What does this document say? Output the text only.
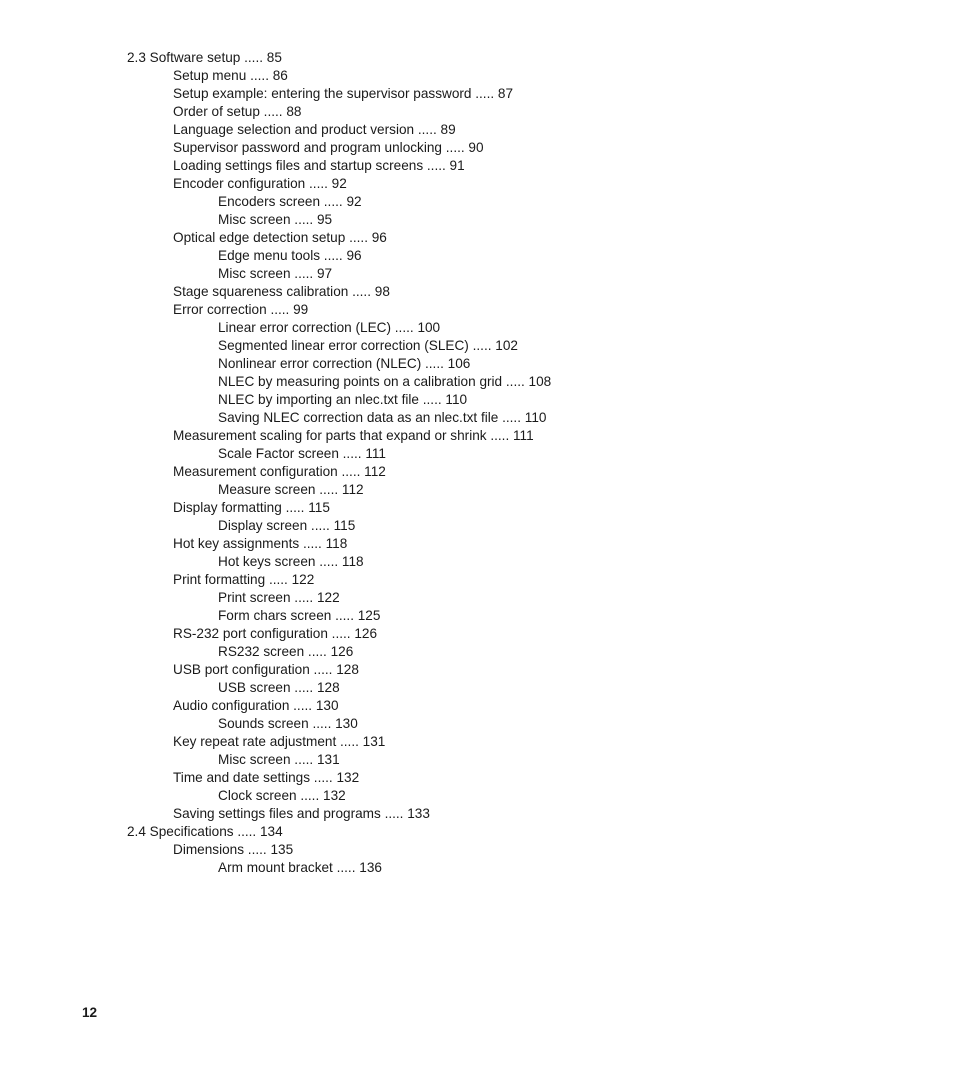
2.3 Software setup ..... 85
Setup menu ..... 86
Setup example: entering the supervisor password ..... 87
Order of setup ..... 88
Language selection and product version ..... 89
Supervisor password and program unlocking ..... 90
Loading settings files and startup screens ..... 91
Encoder configuration ..... 92
Encoders screen ..... 92
Misc screen ..... 95
Optical edge detection setup ..... 96
Edge menu tools ..... 96
Misc screen ..... 97
Stage squareness calibration ..... 98
Error correction ..... 99
Linear error correction (LEC) ..... 100
Segmented linear error correction (SLEC) ..... 102
Nonlinear error correction (NLEC) ..... 106
NLEC by measuring points on a calibration grid ..... 108
NLEC by importing an nlec.txt file ..... 110
Saving NLEC correction data as an nlec.txt file ..... 110
Measurement scaling for parts that expand or shrink ..... 111
Scale Factor screen ..... 111
Measurement configuration ..... 112
Measure screen ..... 112
Display formatting ..... 115
Display screen ..... 115
Hot key assignments ..... 118
Hot keys screen ..... 118
Print formatting ..... 122
Print screen ..... 122
Form chars screen ..... 125
RS-232 port configuration ..... 126
RS232 screen ..... 126
USB port configuration ..... 128
USB screen ..... 128
Audio configuration ..... 130
Sounds screen ..... 130
Key repeat rate adjustment ..... 131
Misc screen ..... 131
Time and date settings ..... 132
Clock screen ..... 132
Saving settings files and programs ..... 133
2.4 Specifications ..... 134
Dimensions ..... 135
Arm mount bracket ..... 136
12
